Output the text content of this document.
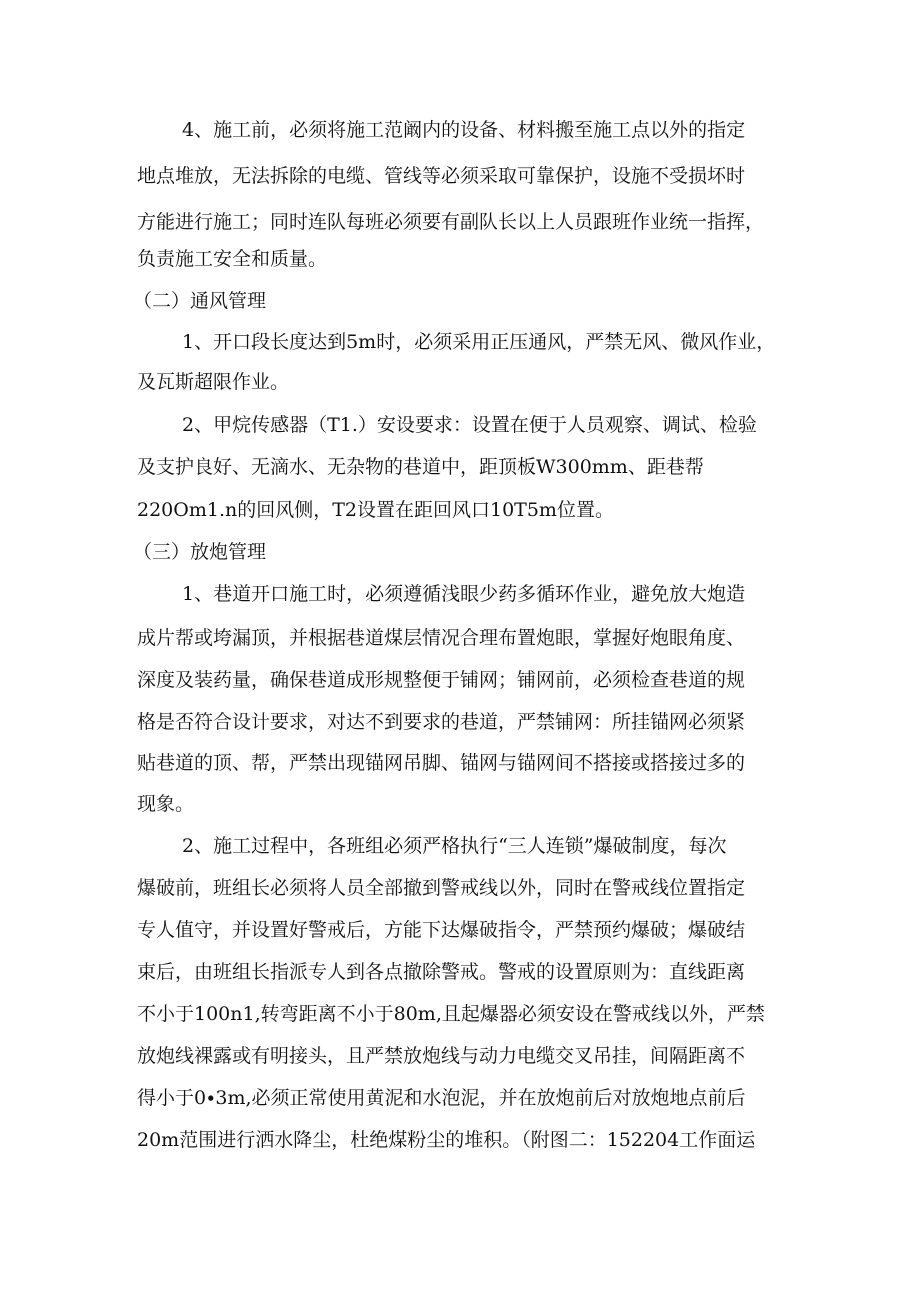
4、施工前，必须将施工范阚内的设备、材料搬至施工点以外的指定
地点堆放，无法拆除的电缆、管线等必须采取可靠保护，设施不受损坏时
方能进行施工；同时连队每班必须要有副队长以上人员跟班作业统一指挥，
负责施工安全和质量。
（二）通风管理
1、开口段长度达到5m时，必须采用正压通风，严禁无风、微风作业，
及瓦斯超限作业。
2、甲烷传感器（T1.）安设要求：设置在便于人员观察、调试、检验
及支护良好、无滴水、无杂物的巷道中，距顶板W300mm、距巷帮
220Om1.n的回风侧，T2设置在距回风口10T5m位置。
（三）放炮管理
1、巷道开口施工时，必须遵循浅眼少药多循环作业，避免放大炮造
成片帮或垮漏顶，并根据巷道煤层情况合理布置炮眼，掌握好炮眼角度、
深度及装药量，确保巷道成形规整便于铺网；铺网前，必须检查巷道的规
格是否符合设计要求，对达不到要求的巷道，严禁铺网：所挂锚网必须紧
贴巷道的顶、帮，严禁出现锚网吊脚、锚网与锚网间不搭接或搭接过多的
现象。
2、施工过程中，各班组必须严格执行“三人连锁”爆破制度，每次
爆破前，班组长必须将人员全部撤到警戒线以外，同时在警戒线位置指定
专人值守，并设置好警戒后，方能下达爆破指令，严禁预约爆破；爆破结
束后，由班组长指派专人到各点撤除警戒。警戒的设置原则为：直线距离
不小于100n1,转弯距离不小于80m,且起爆器必须安设在警戒线以外，严禁
放炮线裸露或有明接头，且严禁放炮线与动力电缆交叉吊挂，间隔距离不
得小于0∙3m,必须正常使用黄泥和水泡泥，并在放炮前后对放炮地点前后
20m范围进行洒水降尘，杜绝煤粉尘的堆积。（附图二：152204工作面运
